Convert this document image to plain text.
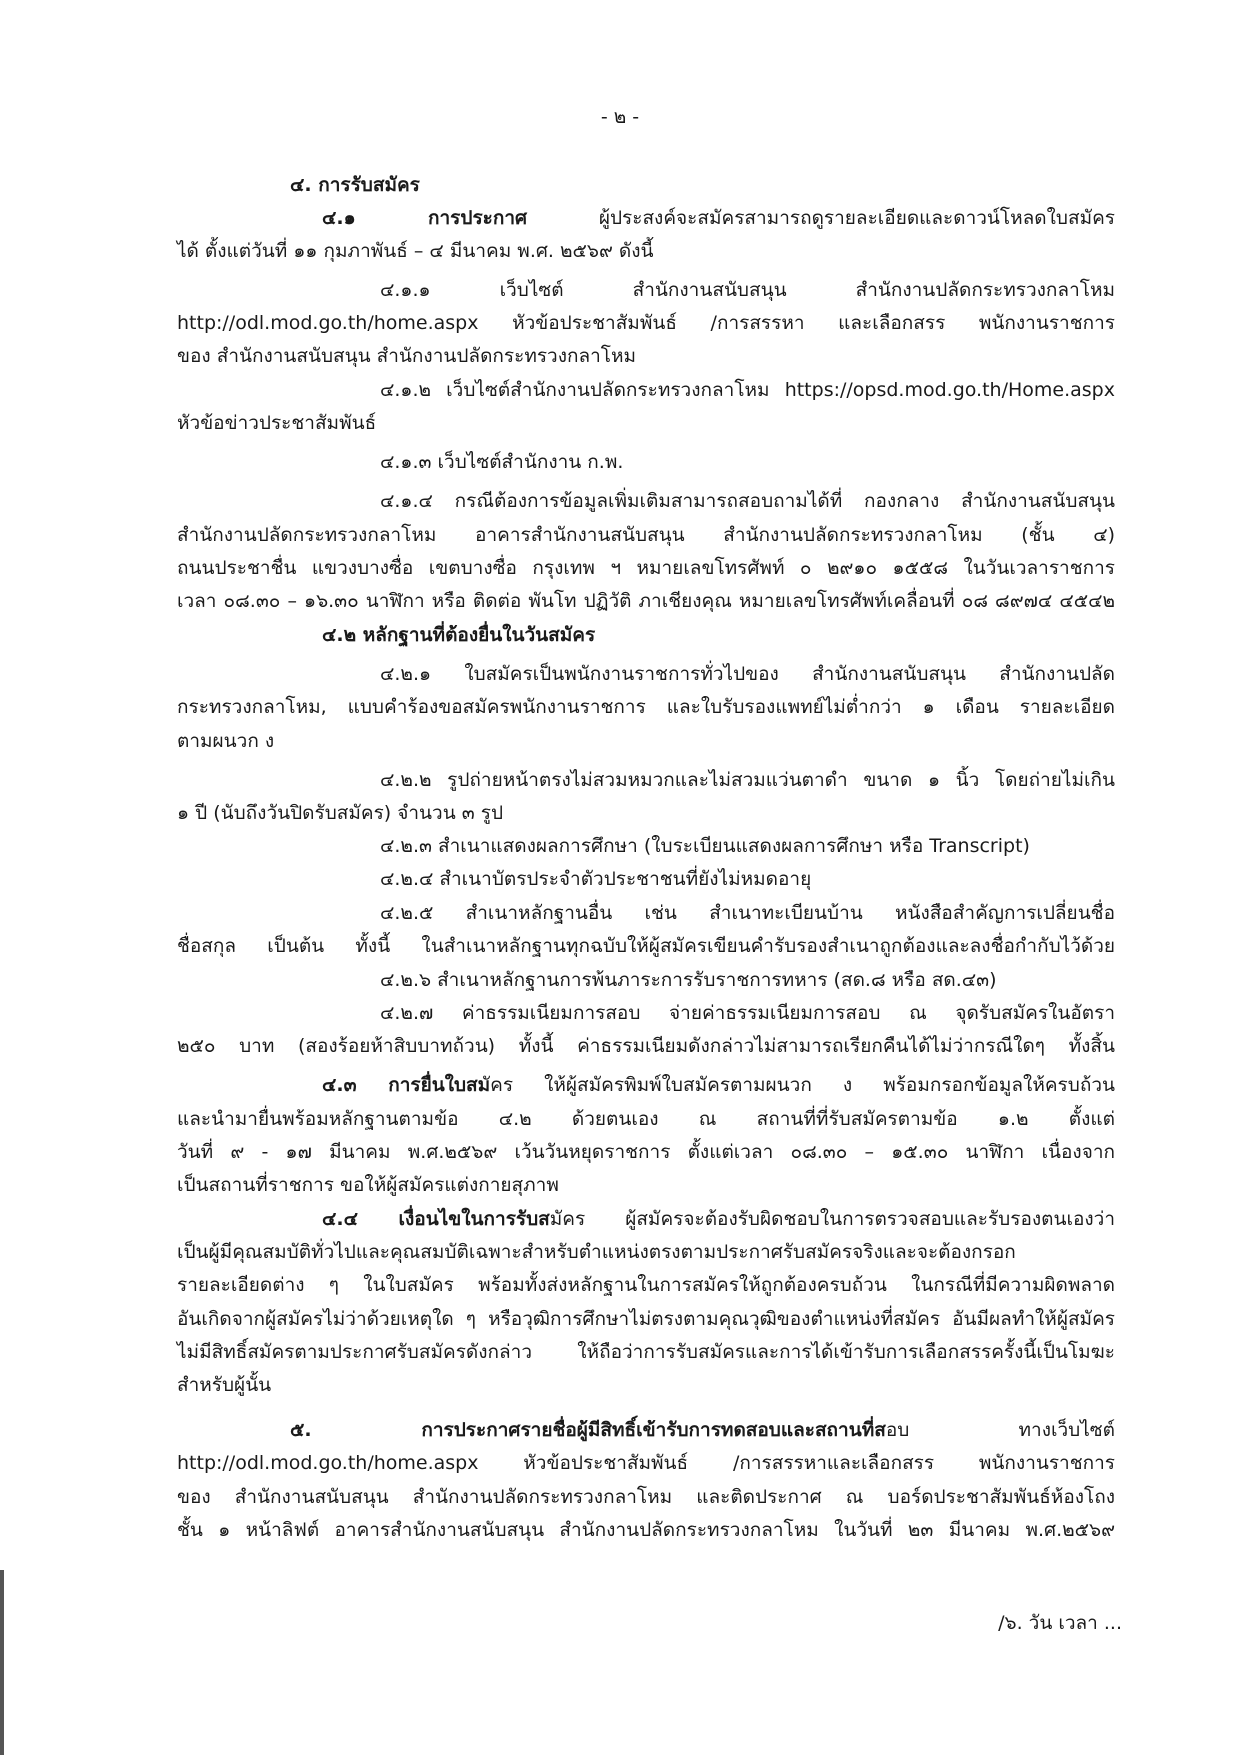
- ๒ -
๔. การรับสมัคร
๔.๑ การประกาศ ผู้ประสงค์จะสมัครสามารถดูรายละเอียดและดาวน์โหลดใบสมัคร
ได้ ตั้งแต่วันที่ ๑๑ กุมภาพันธ์ – ๔ มีนาคม พ.ศ. ๒๕๖๙ ดังนี้
๔.๑.๑ เว็บไซต์ สำนักงานสนับสนุน สำนักงานปลัดกระทรวงกลาโหม
http://odl.mod.go.th/home.aspx หัวข้อประชาสัมพันธ์ /การสรรหา และเลือกสรร พนักงานราชการ
ของ สำนักงานสนับสนุน สำนักงานปลัดกระทรวงกลาโหม
๔.๑.๒ เว็บไซต์สำนักงานปลัดกระทรวงกลาโหม https://opsd.mod.go.th/Home.aspx
หัวข้อข่าวประชาสัมพันธ์
๔.๑.๓ เว็บไซต์สำนักงาน ก.พ.
๔.๑.๔ กรณีต้องการข้อมูลเพิ่มเติมสามารถสอบถามได้ที่ กองกลาง สำนักงานสนับสนุน
สำนักงานปลัดกระทรวงกลาโหม อาคารสำนักงานสนับสนุน สำนักงานปลัดกระทรวงกลาโหม (ชั้น ๔)
ถนนประชาชื่น แขวงบางซื่อ เขตบางซื่อ กรุงเทพ ฯ หมายเลขโทรศัพท์ ๐ ๒๙๑๐ ๑๕๕๘ ในวันเวลาราชการ
เวลา ๐๘.๓๐ – ๑๖.๓๐ นาฬิกา หรือ ติดต่อ พันโท ปฏิวัติ ภาเชียงคุณ หมายเลขโทรศัพท์เคลื่อนที่ ๐๘ ๘๙๗๔ ๔๕๔๒
๔.๒ หลักฐานที่ต้องยื่นในวันสมัคร
๔.๒.๑ ใบสมัครเป็นพนักงานราชการทั่วไปของ สำนักงานสนับสนุน สำนักงานปลัด
กระทรวงกลาโหม, แบบคำร้องขอสมัครพนักงานราชการ และใบรับรองแพทย์ไม่ต่ำกว่า ๑ เดือน รายละเอียด
ตามผนวก ง
๔.๒.๒ รูปถ่ายหน้าตรงไม่สวมหมวกและไม่สวมแว่นตาดำ ขนาด ๑ นิ้ว โดยถ่ายไม่เกิน
๑ ปี (นับถึงวันปิดรับสมัคร) จำนวน ๓ รูป
๔.๒.๓ สำเนาแสดงผลการศึกษา (ใบระเบียนแสดงผลการศึกษา หรือ Transcript)
๔.๒.๔ สำเนาบัตรประจำตัวประชาชนที่ยังไม่หมดอายุ
๔.๒.๕ สำเนาหลักฐานอื่น เช่น สำเนาทะเบียนบ้าน หนังสือสำคัญการเปลี่ยนชื่อ
ชื่อสกุล เป็นต้น ทั้งนี้ ในสำเนาหลักฐานทุกฉบับให้ผู้สมัครเขียนคำรับรองสำเนาถูกต้องและลงชื่อกำกับไว้ด้วย
๔.๒.๖ สำเนาหลักฐานการพ้นภาระการรับราชการทหาร (สด.๘ หรือ สด.๔๓)
๔.๒.๗ ค่าธรรมเนียมการสอบ จ่ายค่าธรรมเนียมการสอบ ณ จุดรับสมัครในอัตรา
๒๕๐ บาท (สองร้อยห้าสิบบาทถ้วน) ทั้งนี้ ค่าธรรมเนียมดังกล่าวไม่สามารถเรียกคืนได้ไม่ว่ากรณีใดๆ ทั้งสิ้น
๔.๓ การยื่นใบสมัคร ให้ผู้สมัครพิมพ์ใบสมัครตามผนวก ง พร้อมกรอกข้อมูลให้ครบถ้วน
และนำมายื่นพร้อมหลักฐานตามข้อ ๔.๒ ด้วยตนเอง ณ สถานที่ที่รับสมัครตามข้อ ๑.๒ ตั้งแต่
วันที่ ๙ - ๑๗ มีนาคม พ.ศ.๒๕๖๙ เว้นวันหยุดราชการ ตั้งแต่เวลา ๐๘.๓๐ – ๑๕.๓๐ นาฬิกา เนื่องจาก
เป็นสถานที่ราชการ ขอให้ผู้สมัครแต่งกายสุภาพ
๔.๔ เงื่อนไขในการรับสมัคร ผู้สมัครจะต้องรับผิดชอบในการตรวจสอบและรับรองตนเองว่า
เป็นผู้มีคุณสมบัติทั่วไปและคุณสมบัติเฉพาะสำหรับตำแหน่งตรงตามประกาศรับสมัครจริงและจะต้องกรอก
รายละเอียดต่าง ๆ ในใบสมัคร พร้อมทั้งส่งหลักฐานในการสมัครให้ถูกต้องครบถ้วน ในกรณีที่มีความผิดพลาด
อันเกิดจากผู้สมัครไม่ว่าด้วยเหตุใด ๆ หรือวุฒิการศึกษาไม่ตรงตามคุณวุฒิของตำแหน่งที่สมัคร อันมีผลทำให้ผู้สมัคร
ไม่มีสิทธิ์สมัครตามประกาศรับสมัครดังกล่าว ให้ถือว่าการรับสมัครและการได้เข้ารับการเลือกสรรครั้งนี้เป็นโมฆะ
สำหรับผู้นั้น
๕. การประกาศรายชื่อผู้มีสิทธิ์เข้ารับการทดสอบและสถานที่สอบ ทางเว็บไซต์
http://odl.mod.go.th/home.aspx หัวข้อประชาสัมพันธ์ /การสรรหาและเลือกสรร พนักงานราชการ
ของ สำนักงานสนับสนุน สำนักงานปลัดกระทรวงกลาโหม และติดประกาศ ณ บอร์ดประชาสัมพันธ์ห้องโถง
ชั้น ๑ หน้าลิฟต์ อาคารสำนักงานสนับสนุน สำนักงานปลัดกระทรวงกลาโหม ในวันที่ ๒๓ มีนาคม พ.ศ.๒๕๖๙
/๖. วัน เวลา ...
